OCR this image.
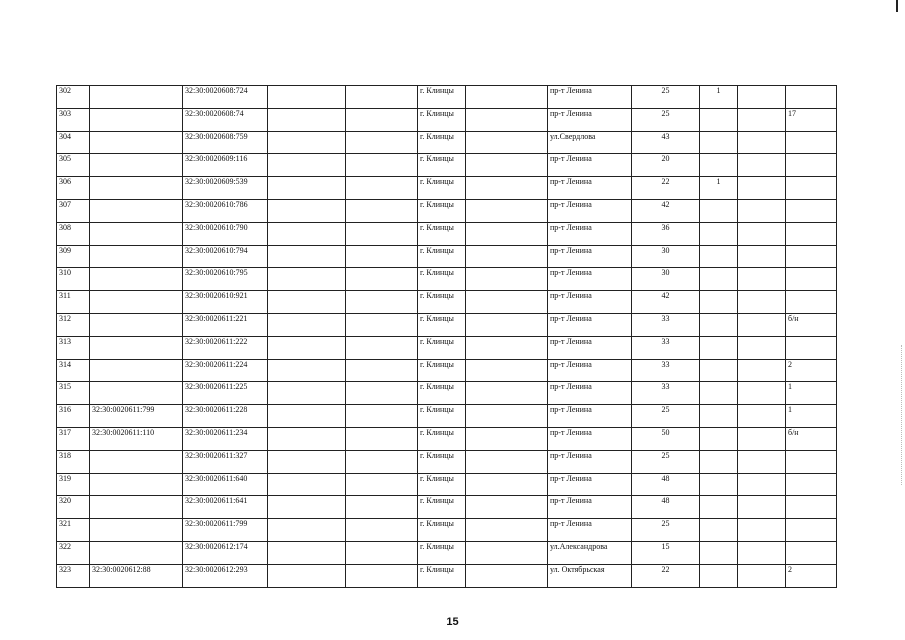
302		32:30:0020608:724			г. Клинцы		пр-т Ленина	25	1		
303		32:30:0020608:74			г. Клинцы		пр-т Ленина	25			17
304		32:30:0020608:759			г. Клинцы		ул.Свердлова	43			
305		32:30:0020609:116			г. Клинцы		пр-т Ленина	20			
306		32:30:0020609:539			г. Клинцы		пр-т Ленина	22	1		
307		32:30:0020610:786			г. Клинцы		пр-т Ленина	42			
308		32:30:0020610:790			г. Клинцы		пр-т Ленина	36			
309		32:30:0020610:794			г. Клинцы		пр-т Ленина	30			
310		32:30:0020610:795			г. Клинцы		пр-т Ленина	30			
311		32:30:0020610:921			г. Клинцы		пр-т Ленина	42			
312		32:30:0020611:221			г. Клинцы		пр-т Ленина	33			б/н
313		32:30:0020611:222			г. Клинцы		пр-т Ленина	33			
314		32:30:0020611:224			г. Клинцы		пр-т Ленина	33			2
315		32:30:0020611:225			г. Клинцы		пр-т Ленина	33			1
316	32:30:0020611:799	32:30:0020611:228			г. Клинцы		пр-т Ленина	25			1
317	32:30:0020611:110	32:30:0020611:234			г. Клинцы		пр-т Ленина	50			б/н
318		32:30:0020611:327			г. Клинцы		пр-т Ленина	25			
319		32:30:0020611:640			г. Клинцы		пр-т Ленина	48			
320		32:30:0020611:641			г. Клинцы		пр-т Ленина	48			
321		32:30:0020611:799			г. Клинцы		пр-т Ленина	25			
322		32:30:0020612:174			г. Клинцы		ул.Александрова	15			
323	32:30:0020612:88	32:30:0020612:293			г. Клинцы		ул. Октябрьская	22			2
15
